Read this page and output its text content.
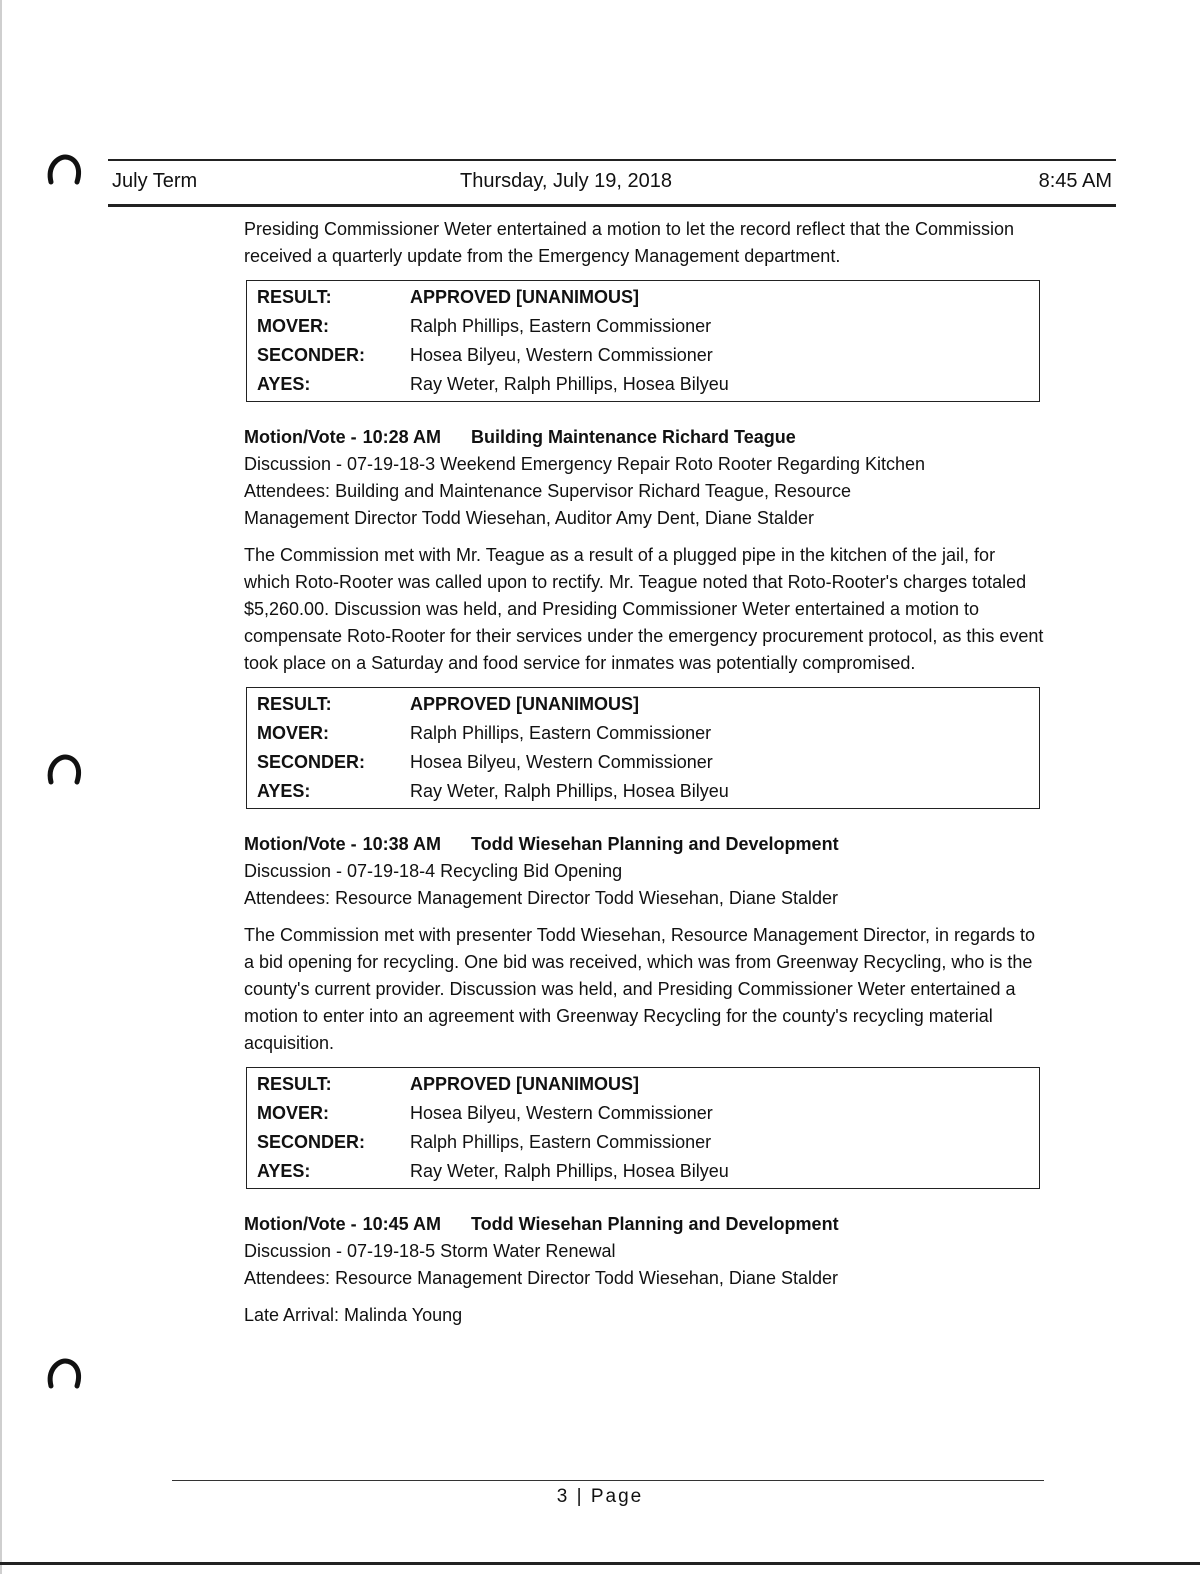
July Term	Thursday, July 19, 2018	8:45 AM

Presiding Commissioner Weter entertained a motion to let the record reflect that the Commission received a quarterly update from the Emergency Management department.

RESULT:	APPROVED [UNANIMOUS]
MOVER:	Ralph Phillips, Eastern Commissioner
SECONDER:	Hosea Bilyeu, Western Commissioner
AYES:	Ray Weter, Ralph Phillips, Hosea Bilyeu

Motion/Vote - 10:28 AM Building Maintenance Richard Teague

Discussion - 07-19-18-3 Weekend Emergency Repair Roto Rooter Regarding Kitchen

Attendees: Building and Maintenance Supervisor Richard Teague, Resource

Management Director Todd Wiesehan, Auditor Amy Dent, Diane Stalder

The Commission met with Mr. Teague as a result of a plugged pipe in the kitchen of the jail, for which Roto-Rooter was called upon to rectify. Mr. Teague noted that Roto-Rooter's charges totaled $5,260.00. Discussion was held, and Presiding Commissioner Weter entertained a motion to compensate Roto-Rooter for their services under the emergency procurement protocol, as this event took place on a Saturday and food service for inmates was potentially compromised.

RESULT:	APPROVED [UNANIMOUS]
MOVER:	Ralph Phillips, Eastern Commissioner
SECONDER:	Hosea Bilyeu, Western Commissioner
AYES:	Ray Weter, Ralph Phillips, Hosea Bilyeu

Motion/Vote - 10:38 AM Todd Wiesehan Planning and Development

Discussion - 07-19-18-4 Recycling Bid Opening

Attendees: Resource Management Director Todd Wiesehan, Diane Stalder

The Commission met with presenter Todd Wiesehan, Resource Management Director, in regards to a bid opening for recycling. One bid was received, which was from Greenway Recycling, who is the county's current provider. Discussion was held, and Presiding Commissioner Weter entertained a motion to enter into an agreement with Greenway Recycling for the county's recycling material acquisition.

RESULT:	APPROVED [UNANIMOUS]
MOVER:	Hosea Bilyeu, Western Commissioner
SECONDER:	Ralph Phillips, Eastern Commissioner
AYES:	Ray Weter, Ralph Phillips, Hosea Bilyeu

Motion/Vote - 10:45 AM Todd Wiesehan Planning and Development

Discussion - 07-19-18-5 Storm Water Renewal

Attendees: Resource Management Director Todd Wiesehan, Diane Stalder

Late Arrival: Malinda Young

3 | Page
